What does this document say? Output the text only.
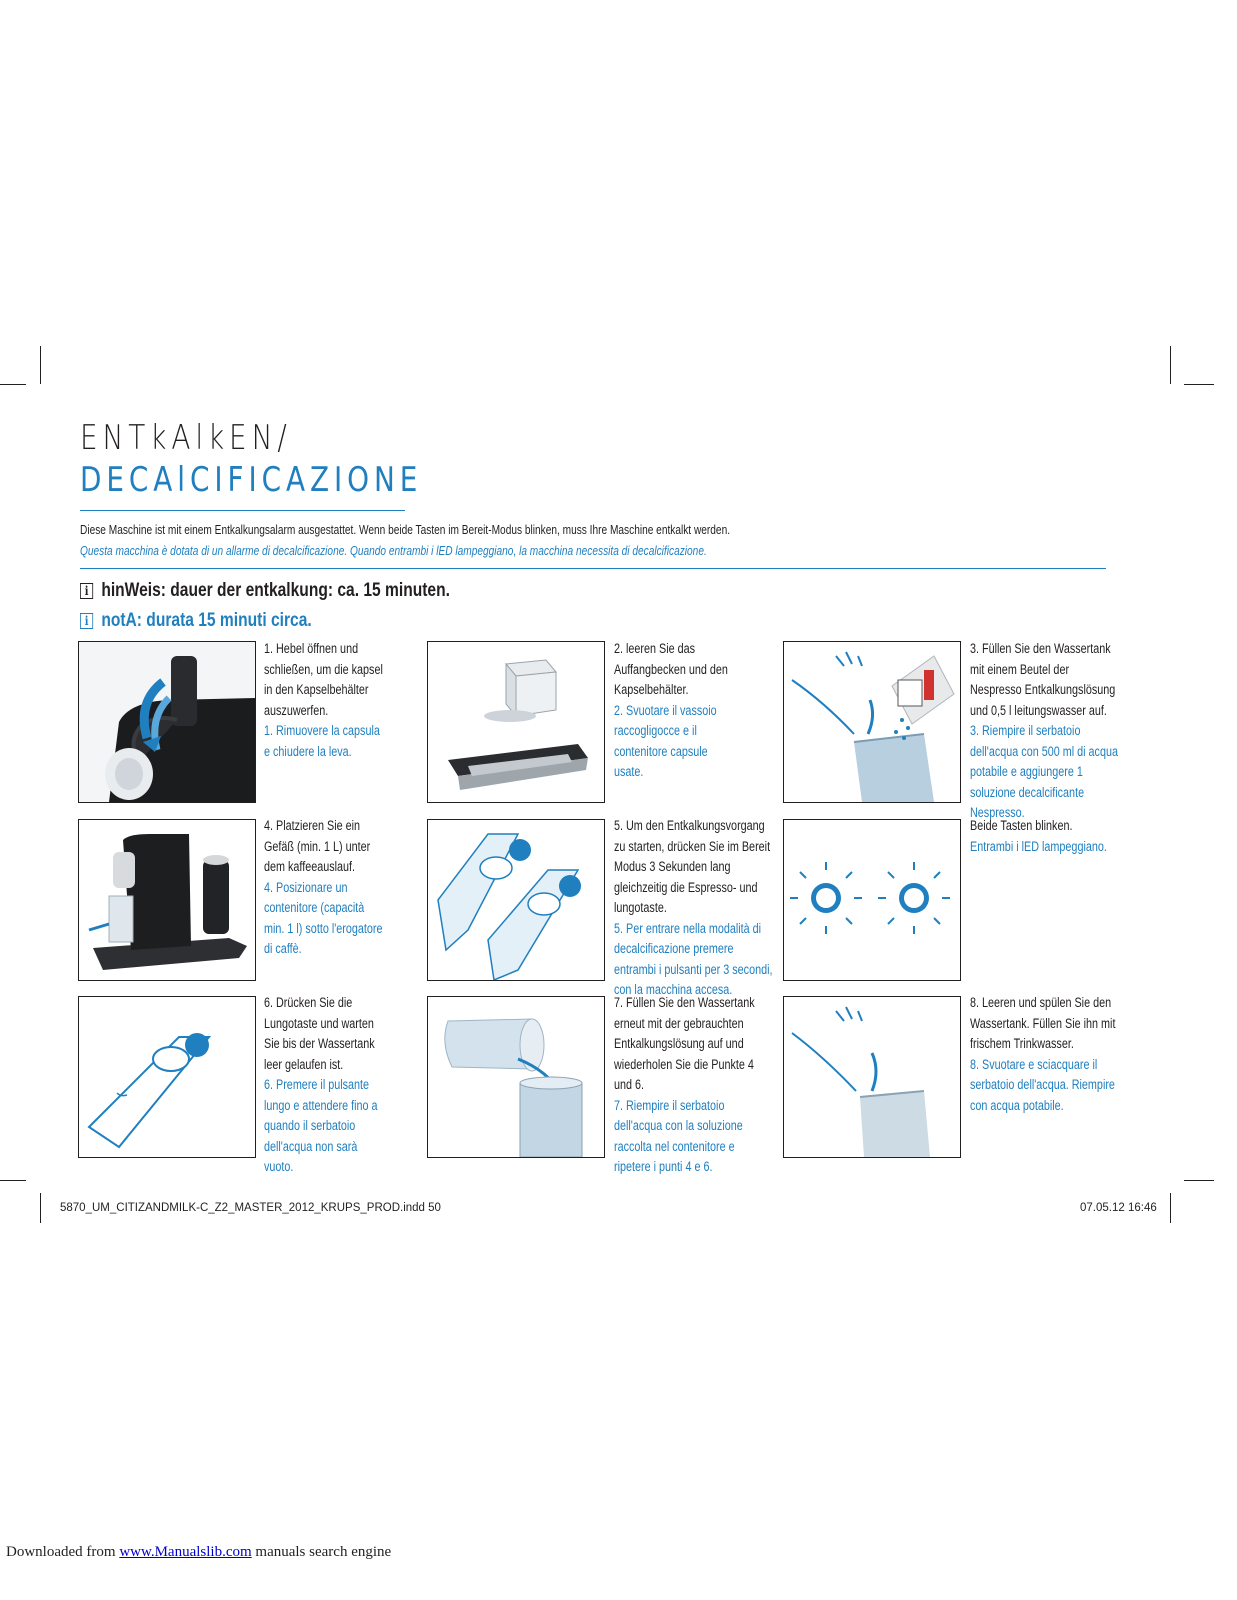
ENTkAlkEN/
DECAlCIFICAZIONE
Diese Maschine ist mit einem Entkalkungsalarm ausgestattet. Wenn beide Tasten im Bereit-Modus blinken, muss Ihre Maschine entkalkt werden.
Questa macchina è dotata di un allarme di decalcificazione. Quando entrambi i lED lampeggiano, la macchina necessita di decalcificazione.
i hinWeis: dauer der entkalkung: ca. 15 minuten.
i notA: durata 15 minuti circa.
1. Hebel öffnen und schließen, um die kapsel in den Kapselbehälter auszuwerfen.
1. Rimuovere la capsula e chiudere la leva.
2. leeren Sie das Auffangbecken und den Kapselbehälter.
2. Svuotare il vassoio raccogligocce e il contenitore capsule usate.
3. Füllen Sie den Wassertank mit einem Beutel der Nespresso Entkalkungslösung und 0,5 l leitungswasser auf.
3. Riempire il serbatoio dell'acqua con 500 ml di acqua potabile e aggiungere 1 soluzione decalcificante Nespresso.
4. Platzieren Sie ein Gefäß (min. 1 L) unter dem kaffeeauslauf.
4. Posizionare un contenitore (capacità min. 1 l) sotto l'erogatore di caffè.
5. Um den Entkalkungsvorgang zu starten, drücken Sie im Bereit Modus 3 Sekunden lang gleichzeitig die Espresso- und lungotaste.
5. Per entrare nella modalità di decalcificazione premere entrambi i pulsanti per 3 secondi, con la macchina accesa.
Beide Tasten blinken.
Entrambi i lED lampeggiano.
6. Drücken Sie die Lungotaste und warten Sie bis der Wassertank leer gelaufen ist.
6. Premere il pulsante lungo e attendere fino a quando il serbatoio dell'acqua non sarà vuoto.
7. Füllen Sie den Wassertank erneut mit der gebrauchten Entkalkungslösung auf und wiederholen Sie die Punkte 4 und 6.
7. Riempire il serbatoio dell'acqua con la soluzione raccolta nel contenitore e ripetere i punti 4 e 6.
8. Leeren und spülen Sie den Wassertank. Füllen Sie ihn mit frischem Trinkwasser.
8. Svuotare e sciacquare il serbatoio dell'acqua. Riempire con acqua potabile.
5870_UM_CITIZANDMILK-C_Z2_MASTER_2012_KRUPS_PROD.indd 50	07.05.12 16:46
Downloaded from www.Manualslib.com manuals search engine
